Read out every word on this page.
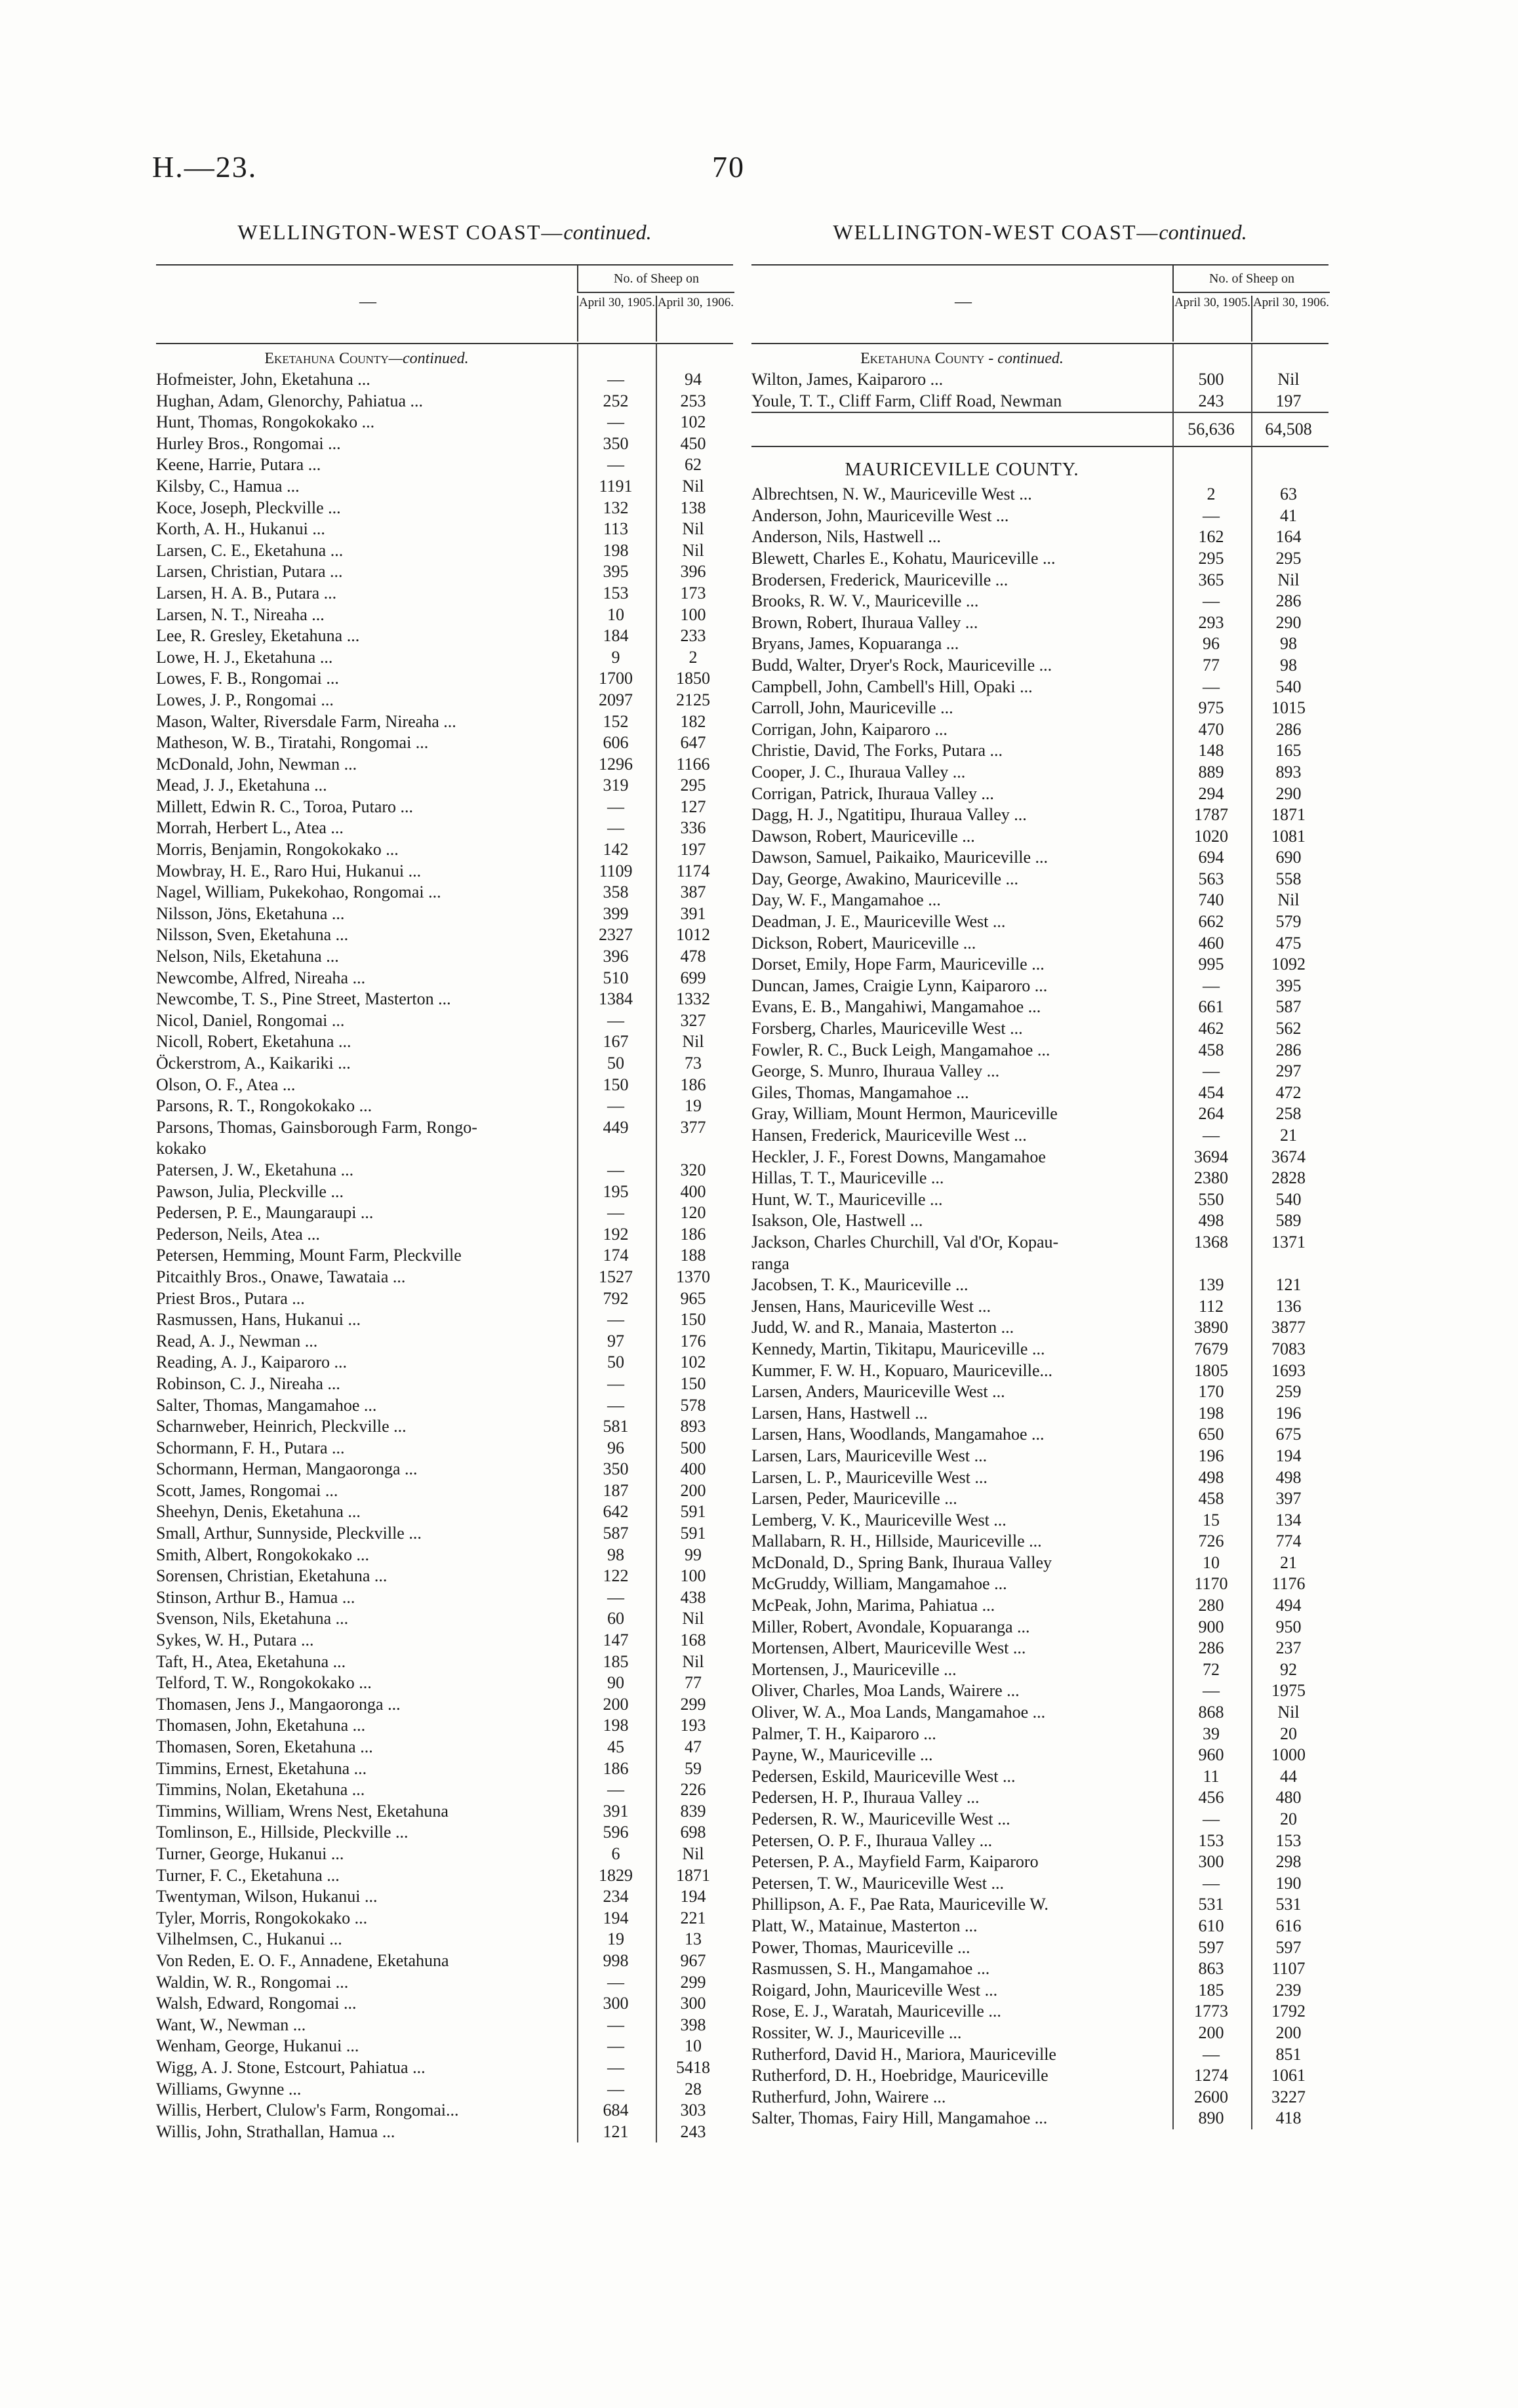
H.—23.	70
WELLINGTON-WEST COAST—continued.
—
No. of Sheep on
April 30, 1905. April 30, 1906.
Eketahuna County—continued.
Hofmeister, John, Eketahuna ...	—	94
Hughan, Adam, Glenorchy, Pahiatua ...	252	253
Hunt, Thomas, Rongokokako ...	—	102
Hurley Bros., Rongomai ...	350	450
Keene, Harrie, Putara ...	—	62
Kilsby, C., Hamua ...	1191	Nil
Koce, Joseph, Pleckville ...	132	138
Korth, A. H., Hukanui ...	113	Nil
Larsen, C. E., Eketahuna ...	198	Nil
Larsen, Christian, Putara ...	395	396
Larsen, H. A. B., Putara ...	153	173
Larsen, N. T., Nireaha ...	10	100
Lee, R. Gresley, Eketahuna ...	184	233
Lowe, H. J., Eketahuna ...	9	2
Lowes, F. B., Rongomai ...	1700	1850
Lowes, J. P., Rongomai ...	2097	2125
Mason, Walter, Riversdale Farm, Nireaha ...	152	182
Matheson, W. B., Tiratahi, Rongomai ...	606	647
McDonald, John, Newman ...	1296	1166
Mead, J. J., Eketahuna ...	319	295
Millett, Edwin R. C., Toroa, Putaro ...	—	127
Morrah, Herbert L., Atea ...	—	336
Morris, Benjamin, Rongokokako ...	142	197
Mowbray, H. E., Raro Hui, Hukanui ...	1109	1174
Nagel, William, Pukekohao, Rongomai ...	358	387
Nilsson, Jöns, Eketahuna ...	399	391
Nilsson, Sven, Eketahuna ...	2327	1012
Nelson, Nils, Eketahuna ...	396	478
Newcombe, Alfred, Nireaha ...	510	699
Newcombe, T. S., Pine Street, Masterton ...	1384	1332
Nicol, Daniel, Rongomai ...	—	327
Nicoll, Robert, Eketahuna ...	167	Nil
Öckerstrom, A., Kaikariki ...	50	73
Olson, O. F., Atea ...	150	186
Parsons, R. T., Rongokokako ...	—	19
Parsons, Thomas, Gainsborough Farm, Rongo-	449	377
kokako
Patersen, J. W., Eketahuna ...	—	320
Pawson, Julia, Pleckville ...	195	400
Pedersen, P. E., Maungaraupi ...	—	120
Pederson, Neils, Atea ...	192	186
Petersen, Hemming, Mount Farm, Pleckville	174	188
Pitcaithly Bros., Onawe, Tawataia ...	1527	1370
Priest Bros., Putara ...	792	965
Rasmussen, Hans, Hukanui ...	—	150
Read, A. J., Newman ...	97	176
Reading, A. J., Kaiparoro ...	50	102
Robinson, C. J., Nireaha ...	—	150
Salter, Thomas, Mangamahoe ...	—	578
Scharnweber, Heinrich, Pleckville ...	581	893
Schormann, F. H., Putara ...	96	500
Schormann, Herman, Mangaoronga ...	350	400
Scott, James, Rongomai ...	187	200
Sheehyn, Denis, Eketahuna ...	642	591
Small, Arthur, Sunnyside, Pleckville ...	587	591
Smith, Albert, Rongokokako ...	98	99
Sorensen, Christian, Eketahuna ...	122	100
Stinson, Arthur B., Hamua ...	—	438
Svenson, Nils, Eketahuna ...	60	Nil
Sykes, W. H., Putara ...	147	168
Taft, H., Atea, Eketahuna ...	185	Nil
Telford, T. W., Rongokokako ...	90	77
Thomasen, Jens J., Mangaoronga ...	200	299
Thomasen, John, Eketahuna ...	198	193
Thomasen, Soren, Eketahuna ...	45	47
Timmins, Ernest, Eketahuna ...	186	59
Timmins, Nolan, Eketahuna ...	—	226
Timmins, William, Wrens Nest, Eketahuna	391	839
Tomlinson, E., Hillside, Pleckville ...	596	698
Turner, George, Hukanui ...	6	Nil
Turner, F. C., Eketahuna ...	1829	1871
Twentyman, Wilson, Hukanui ...	234	194
Tyler, Morris, Rongokokako ...	194	221
Vilhelmsen, C., Hukanui ...	19	13
Von Reden, E. O. F., Annadene, Eketahuna	998	967
Waldin, W. R., Rongomai ...	—	299
Walsh, Edward, Rongomai ...	300	300
Want, W., Newman ...	—	398
Wenham, George, Hukanui ...	—	10
Wigg, A. J. Stone, Estcourt, Pahiatua ...	—	5418
Williams, Gwynne ...	—	28
Willis, Herbert, Clulow's Farm, Rongomai...	684	303
Willis, John, Strathallan, Hamua ...	121	243
WELLINGTON-WEST COAST—continued.
—
No. of Sheep on
April 30, 1905. April 30, 1906.
Eketahuna County - continued.
Wilton, James, Kaiparoro ...	500	Nil
Youle, T. T., Cliff Farm, Cliff Road, Newman	243	197
56,636	64,508
MAURICEVILLE COUNTY.
Albrechtsen, N. W., Mauriceville West ...	2	63
Anderson, John, Mauriceville West ...	—	41
Anderson, Nils, Hastwell ...	162	164
Blewett, Charles E., Kohatu, Mauriceville ...	295	295
Brodersen, Frederick, Mauriceville ...	365	Nil
Brooks, R. W. V., Mauriceville ...	—	286
Brown, Robert, Ihuraua Valley ...	293	290
Bryans, James, Kopuaranga ...	96	98
Budd, Walter, Dryer's Rock, Mauriceville ...	77	98
Campbell, John, Cambell's Hill, Opaki ...	—	540
Carroll, John, Mauriceville ...	975	1015
Corrigan, John, Kaiparoro ...	470	286
Christie, David, The Forks, Putara ...	148	165
Cooper, J. C., Ihuraua Valley ...	889	893
Corrigan, Patrick, Ihuraua Valley ...	294	290
Dagg, H. J., Ngatitipu, Ihuraua Valley ...	1787	1871
Dawson, Robert, Mauriceville ...	1020	1081
Dawson, Samuel, Paikaiko, Mauriceville ...	694	690
Day, George, Awakino, Mauriceville ...	563	558
Day, W. F., Mangamahoe ...	740	Nil
Deadman, J. E., Mauriceville West ...	662	579
Dickson, Robert, Mauriceville ...	460	475
Dorset, Emily, Hope Farm, Mauriceville ...	995	1092
Duncan, James, Craigie Lynn, Kaiparoro ...	—	395
Evans, E. B., Mangahiwi, Mangamahoe ...	661	587
Forsberg, Charles, Mauriceville West ...	462	562
Fowler, R. C., Buck Leigh, Mangamahoe ...	458	286
George, S. Munro, Ihuraua Valley ...	—	297
Giles, Thomas, Mangamahoe ...	454	472
Gray, William, Mount Hermon, Mauriceville	264	258
Hansen, Frederick, Mauriceville West ...	—	21
Heckler, J. F., Forest Downs, Mangamahoe	3694	3674
Hillas, T. T., Mauriceville ...	2380	2828
Hunt, W. T., Mauriceville ...	550	540
Isakson, Ole, Hastwell ...	498	589
Jackson, Charles Churchill, Val d'Or, Kopau-	1368	1371
ranga
Jacobsen, T. K., Mauriceville ...	139	121
Jensen, Hans, Mauriceville West ...	112	136
Judd, W. and R., Manaia, Masterton ...	3890	3877
Kennedy, Martin, Tikitapu, Mauriceville ...	7679	7083
Kummer, F. W. H., Kopuaro, Mauriceville...	1805	1693
Larsen, Anders, Mauriceville West ...	170	259
Larsen, Hans, Hastwell ...	198	196
Larsen, Hans, Woodlands, Mangamahoe ...	650	675
Larsen, Lars, Mauriceville West ...	196	194
Larsen, L. P., Mauriceville West ...	498	498
Larsen, Peder, Mauriceville ...	458	397
Lemberg, V. K., Mauriceville West ...	15	134
Mallabarn, R. H., Hillside, Mauriceville ...	726	774
McDonald, D., Spring Bank, Ihuraua Valley	10	21
McGruddy, William, Mangamahoe ...	1170	1176
McPeak, John, Marima, Pahiatua ...	280	494
Miller, Robert, Avondale, Kopuaranga ...	900	950
Mortensen, Albert, Mauriceville West ...	286	237
Mortensen, J., Mauriceville ...	72	92
Oliver, Charles, Moa Lands, Wairere ...	—	1975
Oliver, W. A., Moa Lands, Mangamahoe ...	868	Nil
Palmer, T. H., Kaiparoro ...	39	20
Payne, W., Mauriceville ...	960	1000
Pedersen, Eskild, Mauriceville West ...	11	44
Pedersen, H. P., Ihuraua Valley ...	456	480
Pedersen, R. W., Mauriceville West ...	—	20
Petersen, O. P. F., Ihuraua Valley ...	153	153
Petersen, P. A., Mayfield Farm, Kaiparoro	300	298
Petersen, T. W., Mauriceville West ...	—	190
Phillipson, A. F., Pae Rata, Mauriceville W.	531	531
Platt, W., Matainue, Masterton ...	610	616
Power, Thomas, Mauriceville ...	597	597
Rasmussen, S. H., Mangamahoe ...	863	1107
Roigard, John, Mauriceville West ...	185	239
Rose, E. J., Waratah, Mauriceville ...	1773	1792
Rossiter, W. J., Mauriceville ...	200	200
Rutherford, David H., Mariora, Mauriceville	—	851
Rutherford, D. H., Hoebridge, Mauriceville	1274	1061
Rutherfurd, John, Wairere ...	2600	3227
Salter, Thomas, Fairy Hill, Mangamahoe ...	890	418
